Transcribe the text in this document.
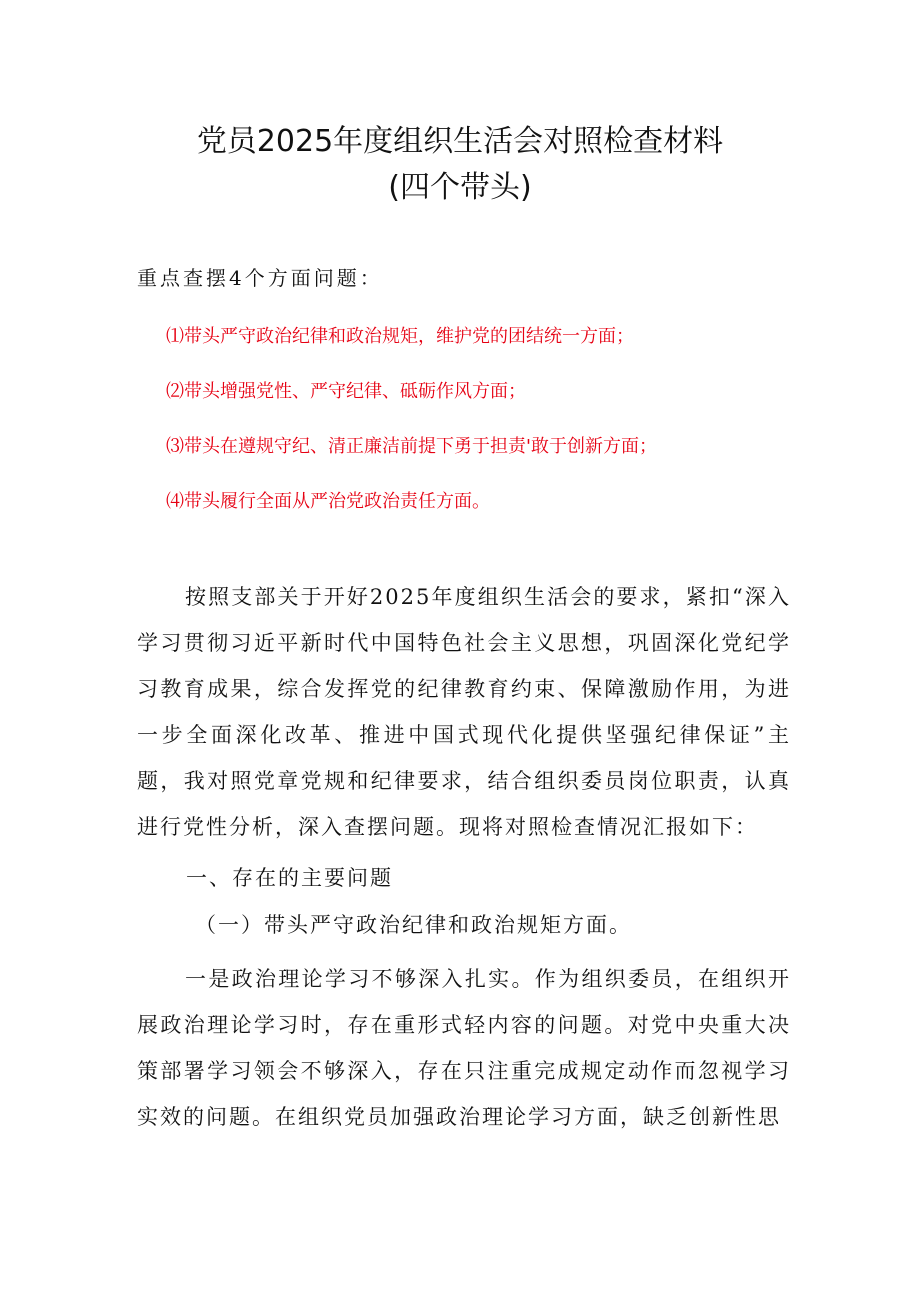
党员2025年度组织生活会对照检查材料
(四个带头)
重点查摆4个方面问题：
⑴带头严守政治纪律和政治规矩，维护党的团结统一方面；
⑵带头增强党性、严守纪律、砥砺作风方面；
⑶带头在遵规守纪、清正廉洁前提下勇于担责'敢于创新方面；
⑷带头履行全面从严治党政治责任方面。

按照支部关于开好2025年度组织生活会的要求，紧扣“深入学习贯彻习近平新时代中国特色社会主义思想，巩固深化党纪学习教育成果，综合发挥党的纪律教育约束、保障激励作用，为进一步全面深化改革、推进中国式现代化提供坚强纪律保证”主题，我对照党章党规和纪律要求，结合组织委员岗位职责，认真进行党性分析，深入查摆问题。现将对照检查情况汇报如下：

一、存在的主要问题
（一）带头严守政治纪律和政治规矩方面。

一是政治理论学习不够深入扎实。作为组织委员，在组织开展政治理论学习时，存在重形式轻内容的问题。对党中央重大决策部署学习领会不够深入，存在只注重完成规定动作而忽视学习实效的问题。在组织党员加强政治理论学习方面，缺乏创新性思
